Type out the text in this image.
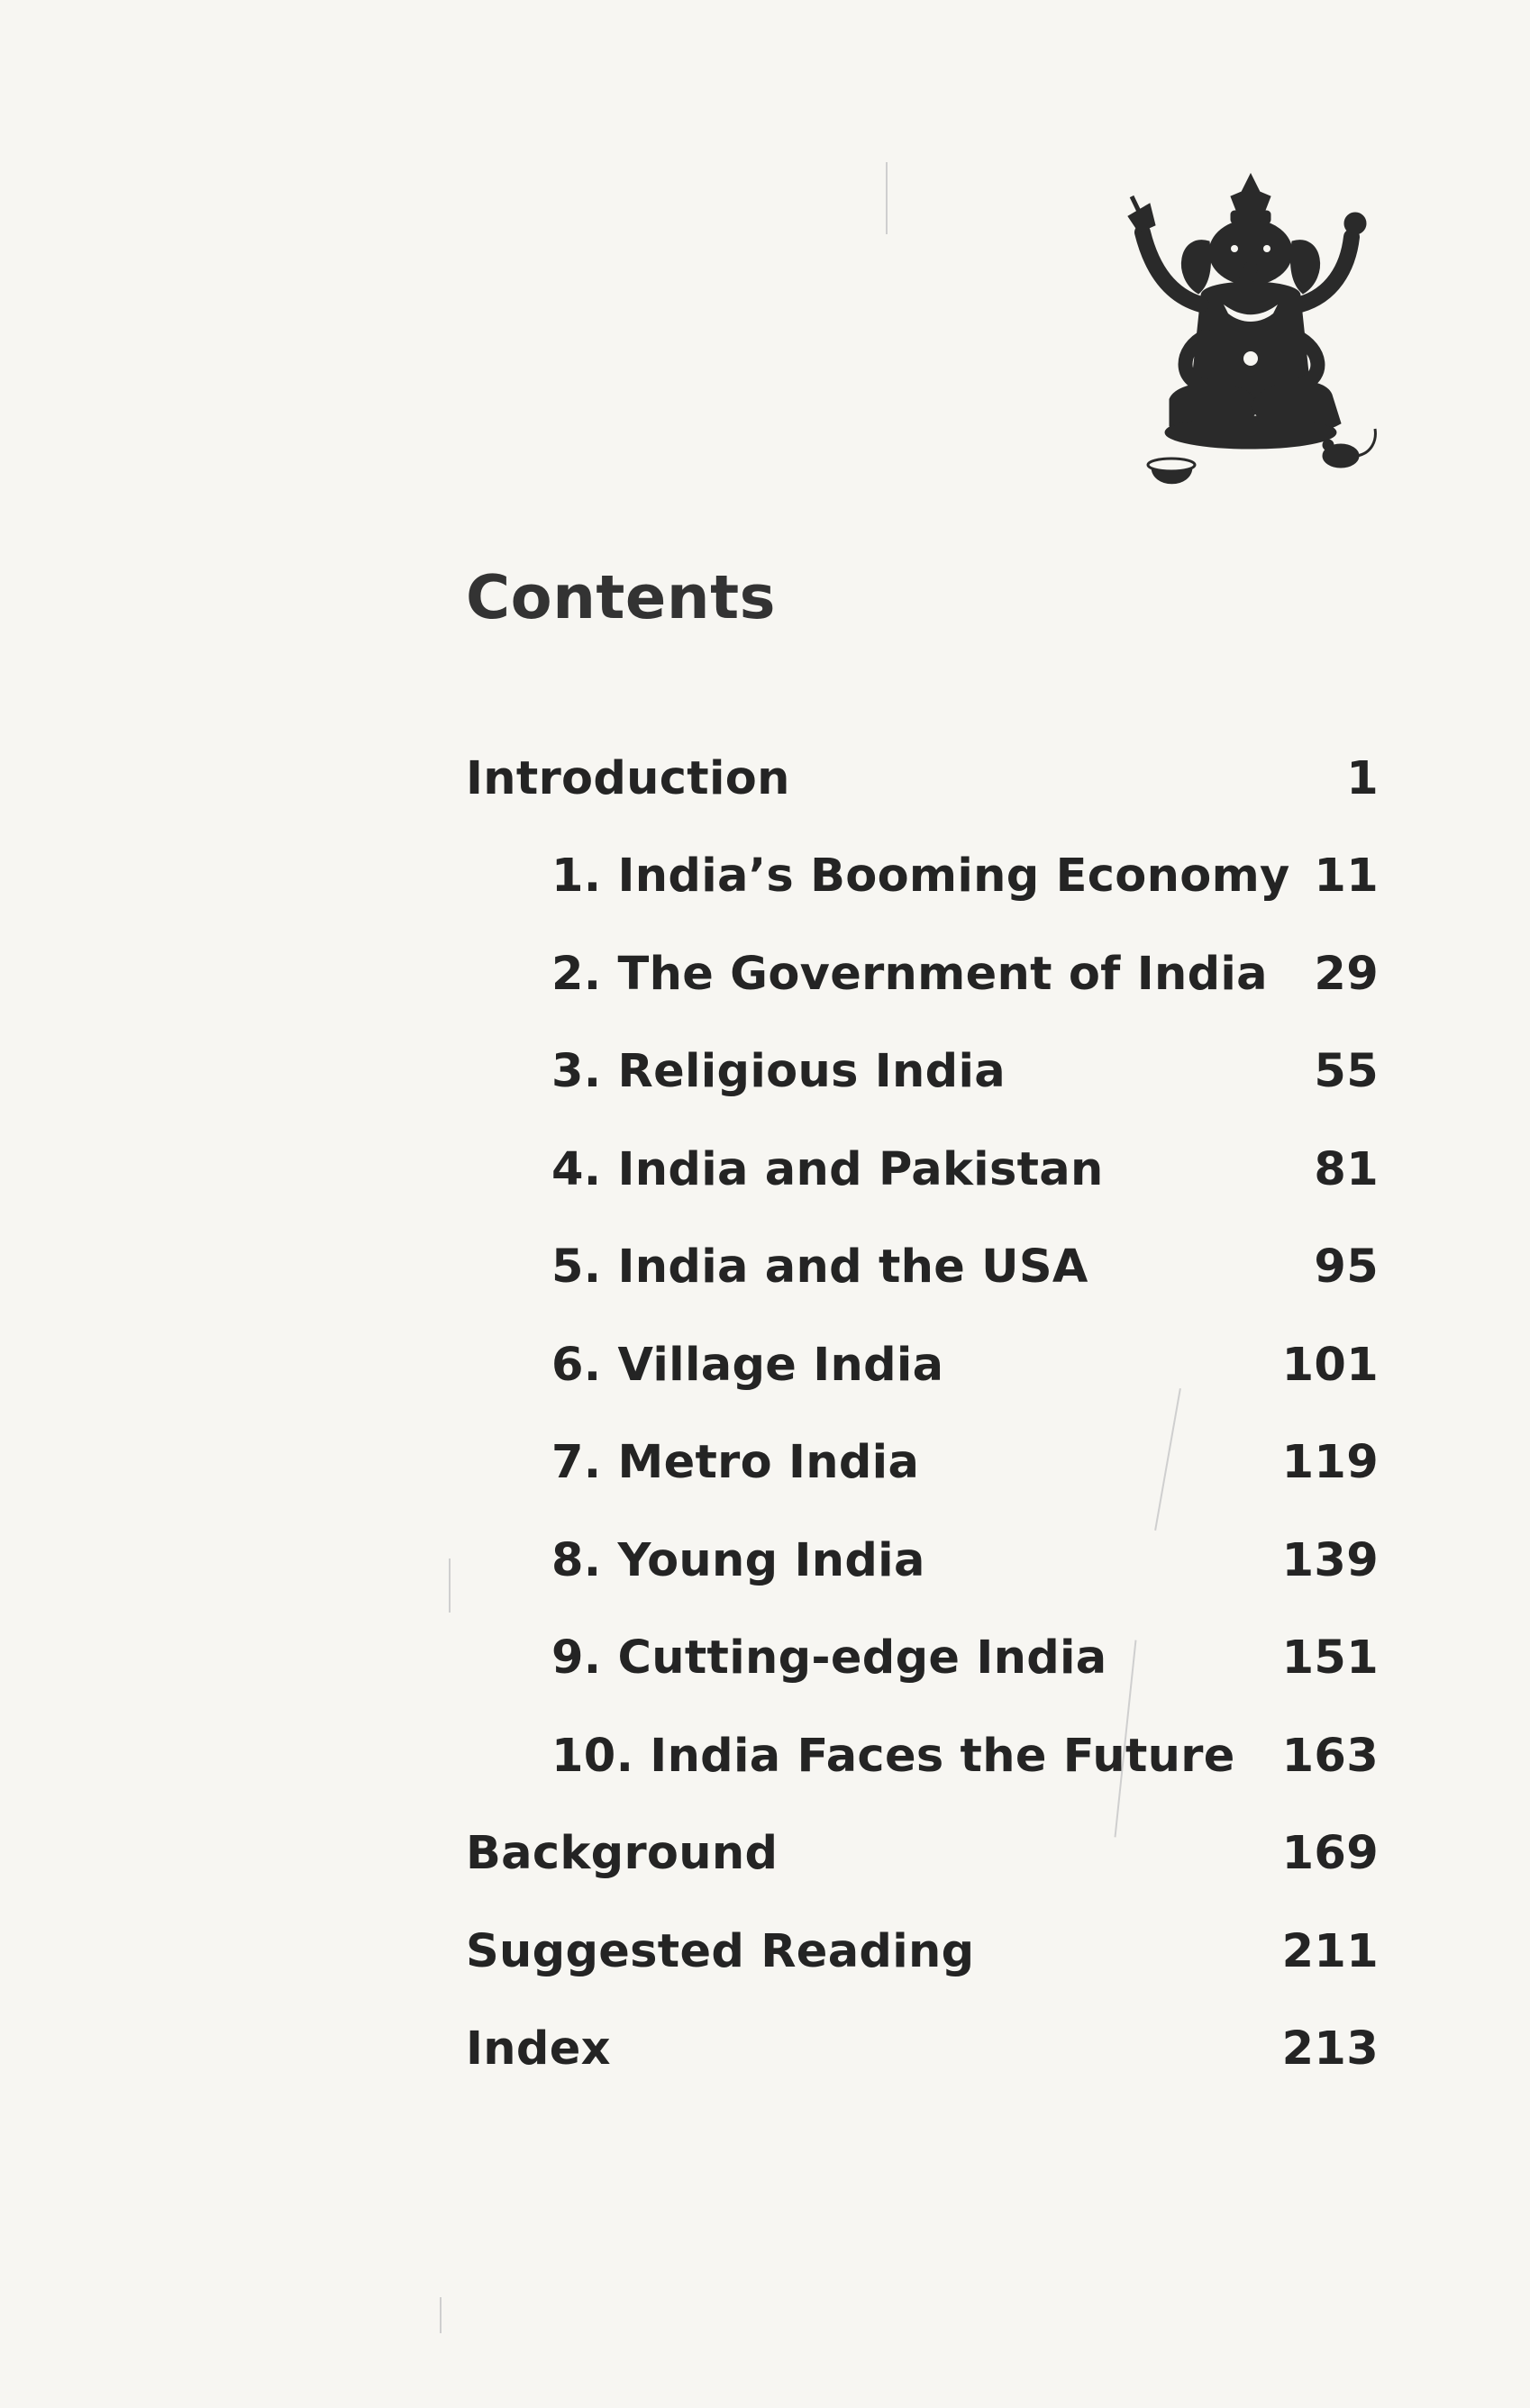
Contents
Introduction	1
1. India’s Booming Economy 11
2. The Government of India 29
3. Religious India	55
4. India and Pakistan	81
5. India and the USA	95
6. Village India	101
7. Metro India	119
8. Young India	139
9. Cutting-edge India	151
10. India Faces the Future 163
Background	169
Suggested Reading	211
Index	213
